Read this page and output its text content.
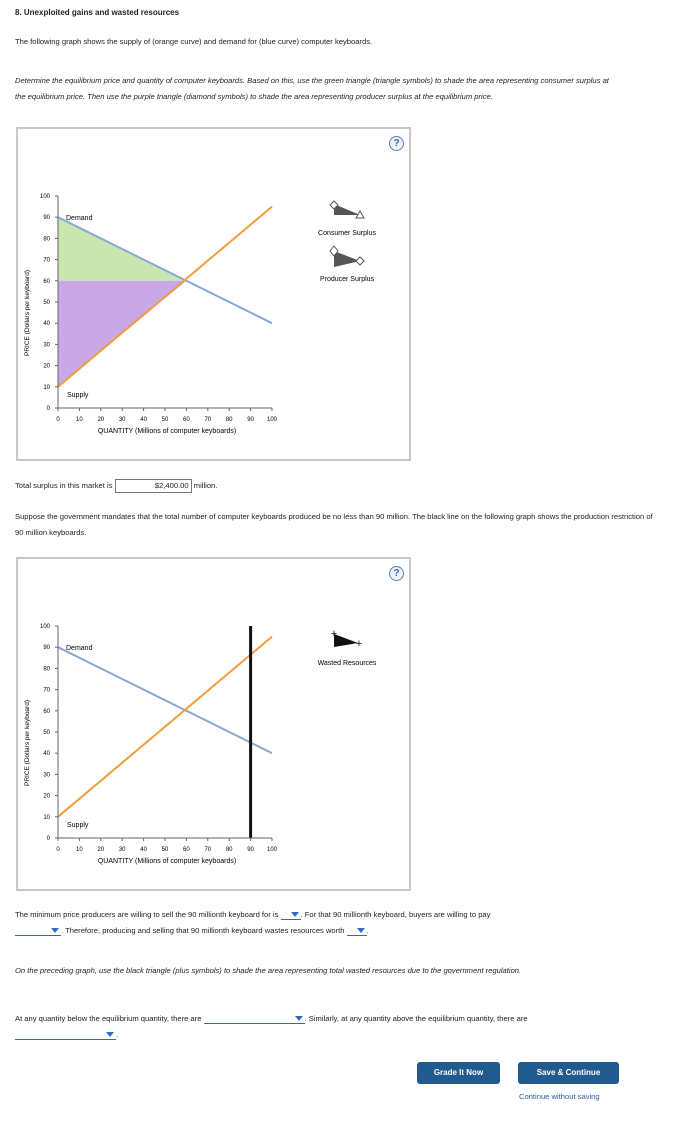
8. Unexploited gains and wasted resources
The following graph shows the supply of (orange curve) and demand for (blue curve) computer keyboards.
Determine the equilibrium price and quantity of computer keyboards. Based on this, use the green triangle (triangle symbols) to shade the area representing consumer surplus at the equilibrium price. Then use the purple triangle (diamond symbols) to shade the area representing producer surplus at the equilibrium price.
?
0
10
20
30
40
50
60
70
80
90
100
0	10 20 30 40 50 60 70 80 90 100
Demand
Supply
QUANTITY (Millions of computer keyboards)
PRICE (Dollars per keyboard)
Consumer Surplus
Producer Surplus
Total surplus in this market is	$2,400.00 million.
Suppose the government mandates that the total number of computer keyboards produced be no less than 90 million. The black line on the following graph shows the production restriction of 90 million keyboards.
?
0
10
20
30
40
50
60
70
80
90
100
0	10 20 30 40 50 60 70 80 90 100
Demand
Supply
QUANTITY (Millions of computer keyboards)
PRICE (Dollars per keyboard)
+
+
Wasted Resources
The minimum price producers are willing to sell the 90 millionth keyboard for is	. For that 90 millionth keyboard, buyers are willing to pay

. Therefore, producing and selling that 90 millionth keyboard wastes resources worth	.
On the preceding graph, use the black triangle (plus symbols) to shade the area representing total wasted resources due to the government regulation.
At any quantity below the equilibrium quantity, there are	. Similarly, at any quantity above the equilibrium quantity, there are

.
Grade It Now	Save & Continue
Continue without saving
